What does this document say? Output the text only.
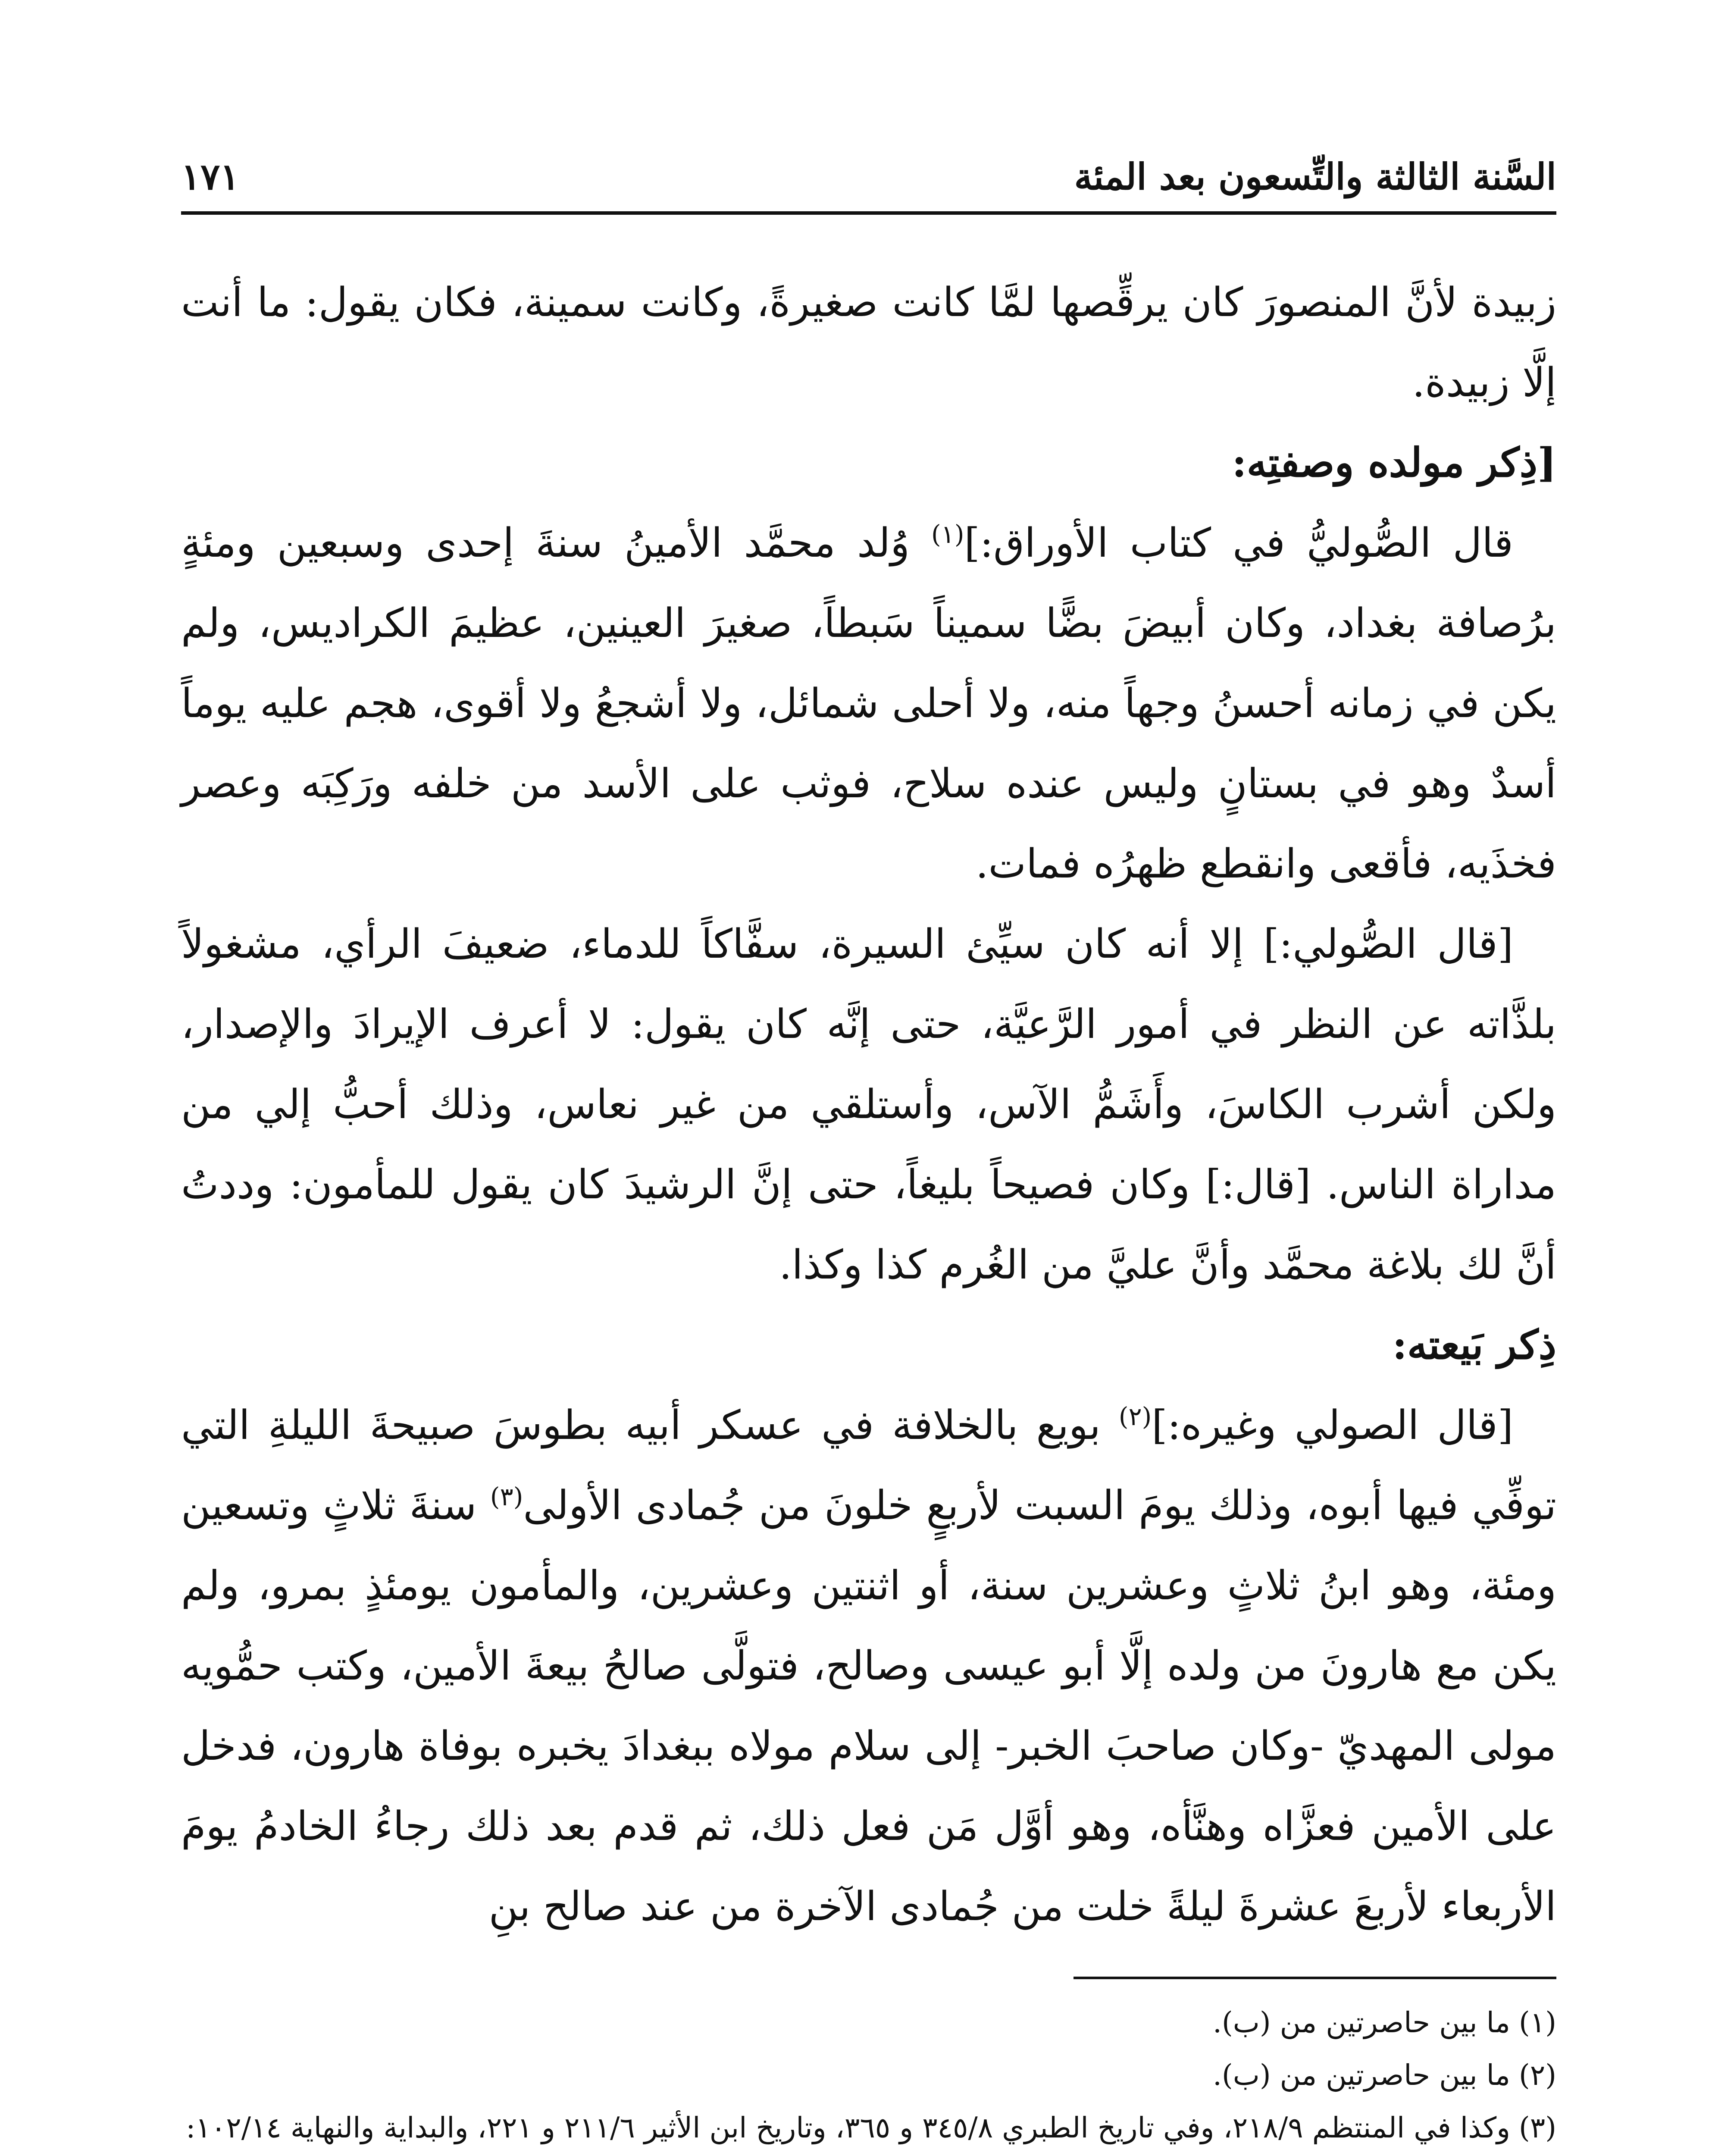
السَّنة الثالثة والتِّسعون بعد المئة
١٧١

زبيدة لأنَّ المنصورَ كان يرقِّصها لمَّا كانت صغيرةً، وكانت سمينة، فكان يقول: ما أنت إلَّا زبيدة.

[ذِكر مولده وصفتِه:

قال الصُّوليُّ في كتاب الأوراق:]$^{(١)}$ وُلد محمَّد الأمينُ سنةَ إحدى وسبعين ومئةٍ برُصافة بغداد، وكان أبيضَ بضًّا سميناً سَبطاً، صغيرَ العينين، عظيمَ الكراديس، ولم يكن في زمانه أحسنُ وجهاً منه، ولا أحلى شمائل، ولا أشجعُ ولا أقوى، هجم عليه يوماً أسدٌ وهو في بستانٍ وليس عنده سلاح، فوثب على الأسد من خلفه ورَكِبَه وعصر فخذَيه، فأقعى وانقطع ظهرُه فمات.

[قال الصُّولي:] إلا أنه كان سيِّئ السيرة، سفَّاكاً للدماء، ضعيفَ الرأي، مشغولاً بلذَّاته عن النظر في أمور الرَّعيَّة، حتى إنَّه كان يقول: لا أعرف الإيرادَ والإصدار، ولكن أشرب الكاسَ، وأَشَمُّ الآس، وأستلقي من غير نعاس، وذلك أحبُّ إلي من مداراة الناس. [قال:] وكان فصيحاً بليغاً، حتى إنَّ الرشيدَ كان يقول للمأمون: وددتُ أنَّ لك بلاغة محمَّد وأنَّ عليَّ من الغُرم كذا وكذا.

ذِكر بَيعته:

[قال الصولي وغيره:]$^{(٢)}$ بويع بالخلافة في عسكر أبيه بطوسَ صبيحةَ الليلةِ التي توفِّي فيها أبوه، وذلك يومَ السبت لأربعٍ خلونَ من جُمادى الأولى$^{(٣)}$ سنةَ ثلاثٍ وتسعين ومئة، وهو ابنُ ثلاثٍ وعشرين سنة، أو اثنتين وعشرين، والمأمون يومئذٍ بمرو، ولم يكن مع هارونَ من ولده إلَّا أبو عيسى وصالح، فتولَّى صالحُ بيعةَ الأمين، وكتب حمُّويه مولى المهديّ -وكان صاحبَ الخبر- إلى سلام مولاه ببغدادَ يخبره بوفاة هارون، فدخل على الأمين فعزَّاه وهنَّأه، وهو أوَّل مَن فعل ذلك، ثم قدم بعد ذلك رجاءُ الخادمُ يومَ الأربعاء لأربعَ عشرةَ ليلةً خلت من جُمادى الآخرة من عند صالح بنِ

(١)ما بين حاصرتين من (ب).

(٢)ما بين حاصرتين من (ب).

(٣)وكذا في المنتظم ٢١٨/٩، وفي تاريخ الطبري ٣٤٥/٨ و ٣٦٥، وتاريخ ابن الأثير ٢١١/٦ و ٢٢١، والبداية والنهاية ١٠٢/١٤:
